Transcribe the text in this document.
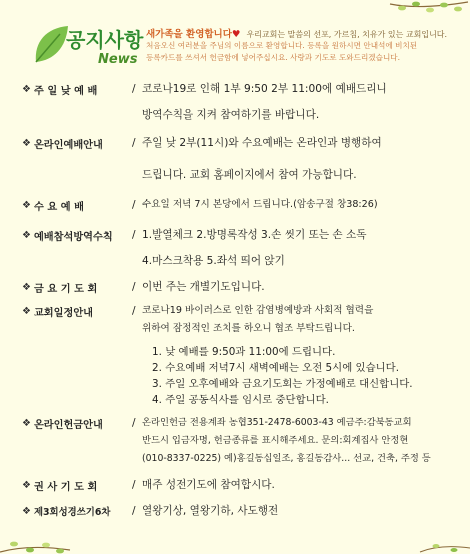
공지사항
News
새가족을 환영합니다♥ 우리교회는 말씀의 선포, 가르침, 치유가 있는 교회입니다.
처음오신 여러분을 주님의 이름으로 환영합니다. 등록을 원하시면 안내석에 비치된
등록카드를 쓰셔서 헌금함에 넣어주십시요. 사랑과 기도로 도와드리겠습니다.
❖ 주 일 낮 예 배	/ 코로나19로 인해 1부 9:50 2부 11:00에 예배드리니
방역수칙을 지켜 참여하기를 바랍니다.
❖ 온라인예배안내	/ 주일 낮 2부(11시)와 수요예배는 온라인과 병행하여
드립니다. 교회 홈페이지에서 참여 가능합니다.
❖ 수 요 예 배	/ 수요일 저녁 7시 본당에서 드립니다.(암송구절 창38:26)
❖ 예배참석방역수칙 / 1.발열체크 2.방명록작성 3.손 씻기 또는 손 소독
4.마스크착용 5.좌석 띄어 앉기
❖ 금 요 기 도 회	/ 이번 주는 개별기도입니다.
❖ 교회일정안내	/ 코로나19 바이러스로 인한 감염병예방과 사회적 협력을
위하여 잠정적인 조치를 하오니 협조 부탁드립니다.
1. 낮 예배를 9:50과 11:00에 드립니다.
2. 수요예배 저녁7시 새벽예배는 오전 5시에 있습니다.
3. 주일 오후예배와 금요기도회는 가정예배로 대신합니다.
4. 주일 공동식사를 임시로 중단합니다.
❖ 온라인헌금안내	/ 온라인헌금 전용계좌 농협351-2478-6003-43 예금주:감북동교회
반드시 입금자명, 헌금종류를 표시해주세요. 문의:회계집사 안정현
(010-8337-0225) 예)홍길동십일조, 홍길동감사... 선교, 건축, 주정 등
❖ 권 사 기 도 회	/ 매주 성전기도에 참여합시다.
❖ 제3회성경쓰기6차 / 열왕기상, 열왕기하, 사도행전
